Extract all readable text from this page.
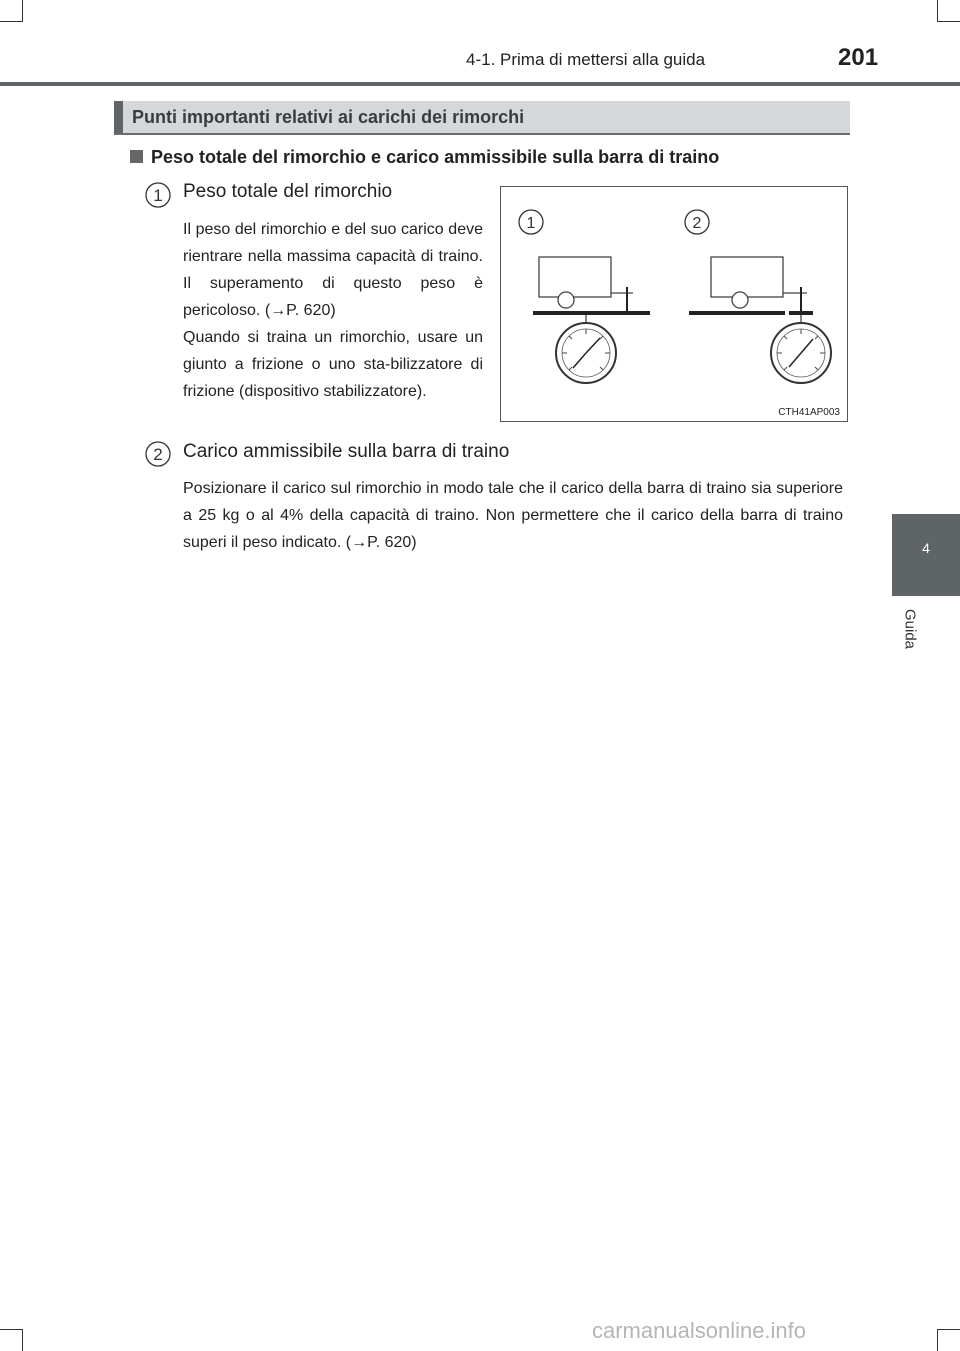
4-1. Prima di mettersi alla guida	201
4
Guida
Punti importanti relativi ai carichi dei rimorchi
Peso totale del rimorchio e carico ammissibile sulla barra di traino
1 Peso totale del rimorchio

Il peso del rimorchio e del suo carico deve rientrare nella massima capacità di traino. Il superamento di questo peso è pericoloso. (→P. 620)

Quando si traina un rimorchio, usare un giunto a frizione o uno sta-bilizzatore di frizione (dispositivo stabilizzatore).

1	2
CTH41AP003
2 Carico ammissibile sulla barra di traino

Posizionare il carico sul rimorchio in modo tale che il carico della barra di traino sia superiore a 25 kg o al 4% della capacità di traino. Non permettere che il carico della barra di traino superi il peso indicato. (→P. 620)

carmanualsonline.info
